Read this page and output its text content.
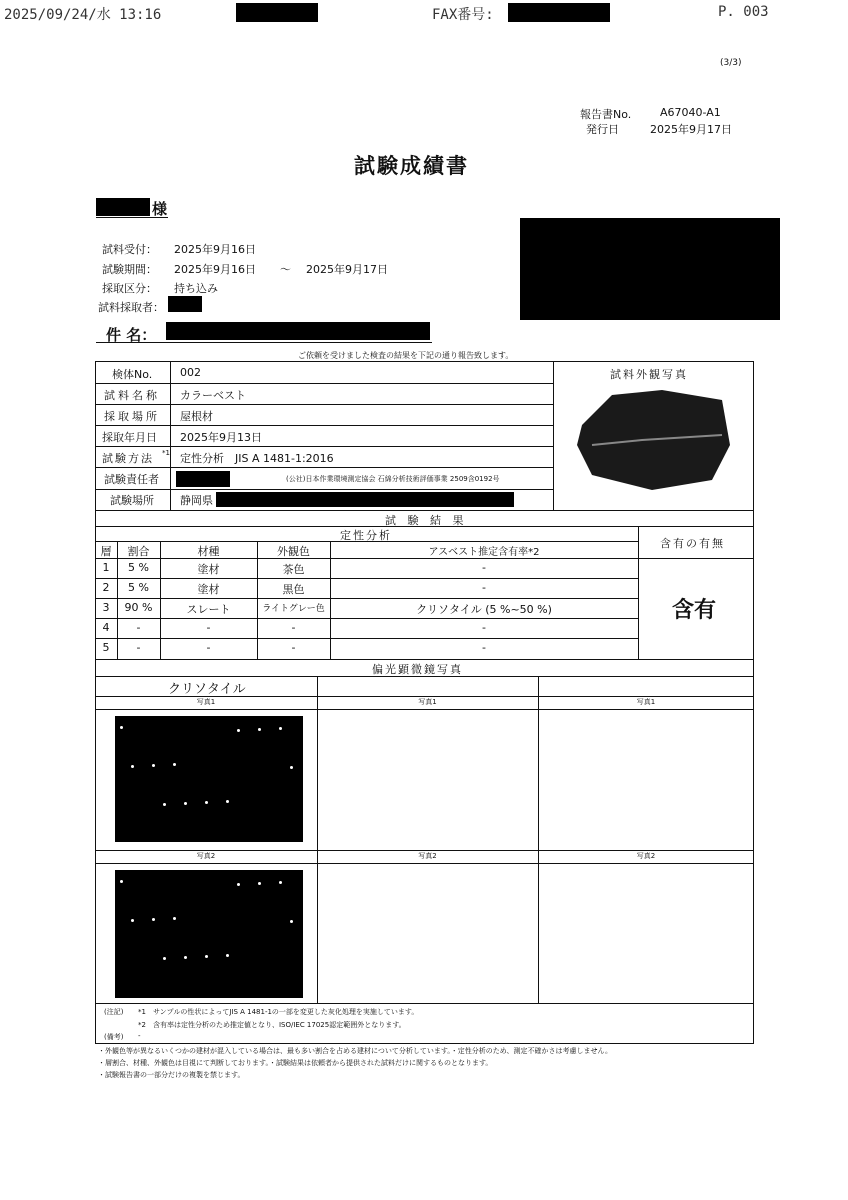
2025/09/24/水 13:16	FAX番号:	P. 003
(3/3)
報告書No.	A67040-A1
発行日	2025年9月17日
試験成績書
様
試料受付： 2025年9月16日
試験期間： 2025年9月16日 ～ 2025年9月17日
採取区分： 持ち込み
試料採取者：
件 名：
ご依頼を受けました検査の結果を下記の通り報告致します。
検体No.	002
試料名称 カラーベスト
採取場所 屋根材
採取年月日 2025年9月13日
試験方法 *1 定性分析　JIS A 1481-1:2016
試験責任者	(公社)日本作業環境測定協会 石綿分析技術評価事業 2509含0192号
試験場所 静岡県
試料外観写真
試 験 結 果
定性分析
含有の有無
層	割合	材種	外観色	アスベスト推定含有率*2
1	5 %	塗材	茶色	-
2	5 %	塗材	黒色	-
3	90 %	スレート	ライトグレー色	クリソタイル (5 %~50 %)
4	-	-	-	-
5	-	-	-	-
含有
偏光顕微鏡写真
クリソタイル
写真1	写真1	写真1
写真2	写真2	写真2
(注記) *1　サンプルの性状によってJIS A 1481-1の一部を変更した灰化処理を実施しています。
*2　含有率は定性分析のため推定値となり、ISO/IEC 17025認定範囲外となります。
(備考) -
・外観色等が異なるいくつかの建材が混入している場合は、最も多い割合を占める建材について分析しています。・定性分析のため、測定不確かさは考慮しません。
・層割合、材種、外観色は目視にて判断しております。・試験結果は依頼者から提供された試料だけに関するものとなります。
・試験報告書の一部分だけの複製を禁じます。
